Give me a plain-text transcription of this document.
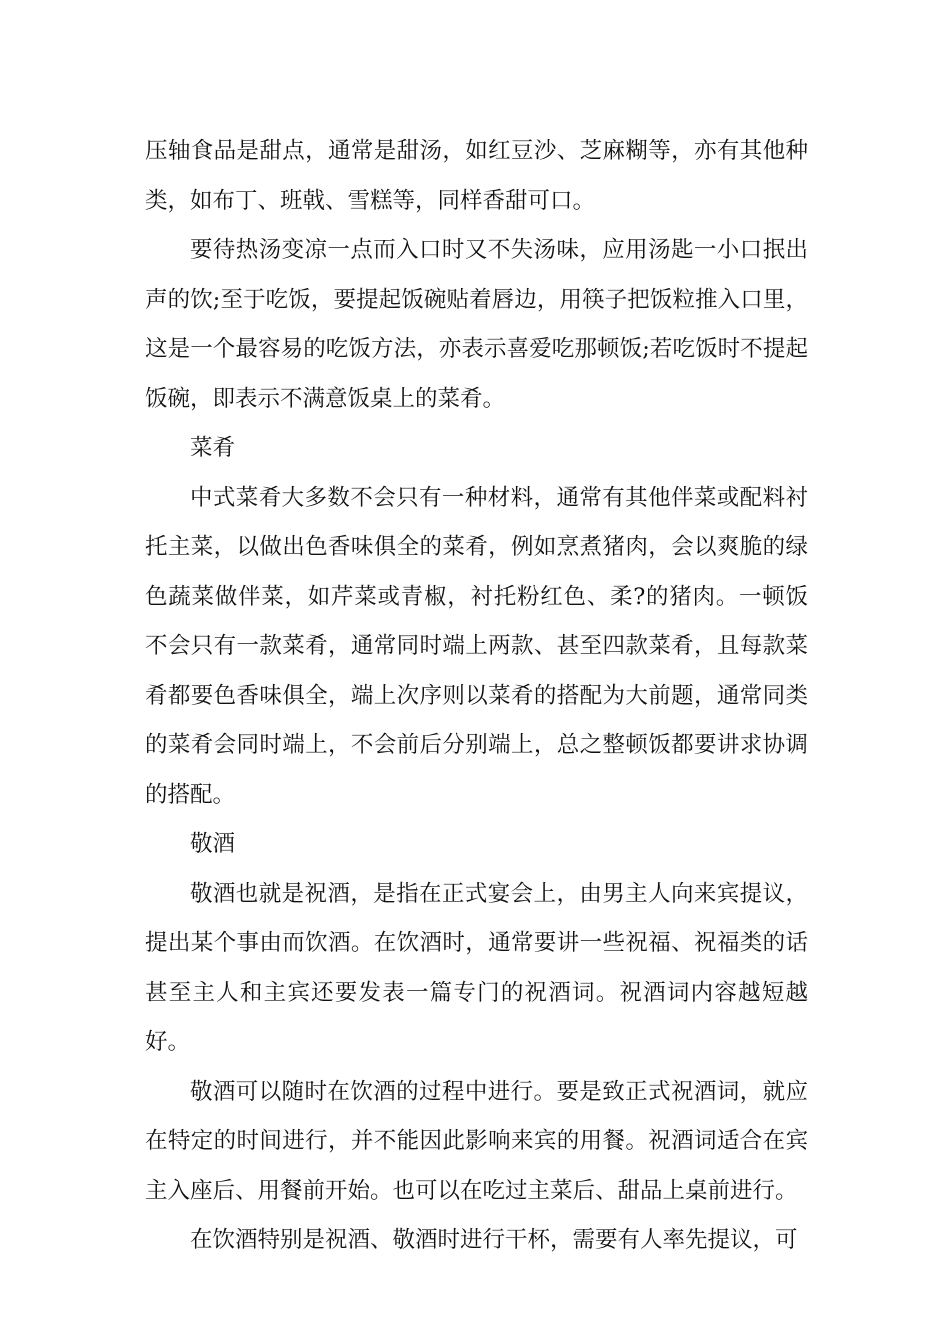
压轴食品是甜点，通常是甜汤，如红豆沙、芝麻糊等，亦有其他种类，如布丁、班戟、雪糕等，同样香甜可口。

要待热汤变凉一点而入口时又不失汤味，应用汤匙一小口抿出声的饮;至于吃饭，要提起饭碗贴着唇边，用筷子把饭粒推入口里，这是一个最容易的吃饭方法，亦表示喜爱吃那顿饭;若吃饭时不提起饭碗，即表示不满意饭桌上的菜肴。

菜肴

中式菜肴大多数不会只有一种材料，通常有其他伴菜或配料衬托主菜，以做出色香味俱全的菜肴，例如烹煮猪肉，会以爽脆的绿色蔬菜做伴菜，如芹菜或青椒，衬托粉红色、柔?的猪肉。一顿饭不会只有一款菜肴，通常同时端上两款、甚至四款菜肴，且每款菜肴都要色香味俱全，端上次序则以菜肴的搭配为大前题，通常同类的菜肴会同时端上，不会前后分别端上，总之整顿饭都要讲求协调的搭配。

敬酒

敬酒也就是祝酒，是指在正式宴会上，由男主人向来宾提议，提出某个事由而饮酒。在饮酒时，通常要讲一些祝福、祝福类的话甚至主人和主宾还要发表一篇专门的祝酒词。祝酒词内容越短越好。

敬酒可以随时在饮酒的过程中进行。要是致正式祝酒词，就应在特定的时间进行，并不能因此影响来宾的用餐。祝酒词适合在宾主入座后、用餐前开始。也可以在吃过主菜后、甜品上桌前进行。

在饮酒特别是祝酒、敬酒时进行干杯，需要有人率先提议，可
